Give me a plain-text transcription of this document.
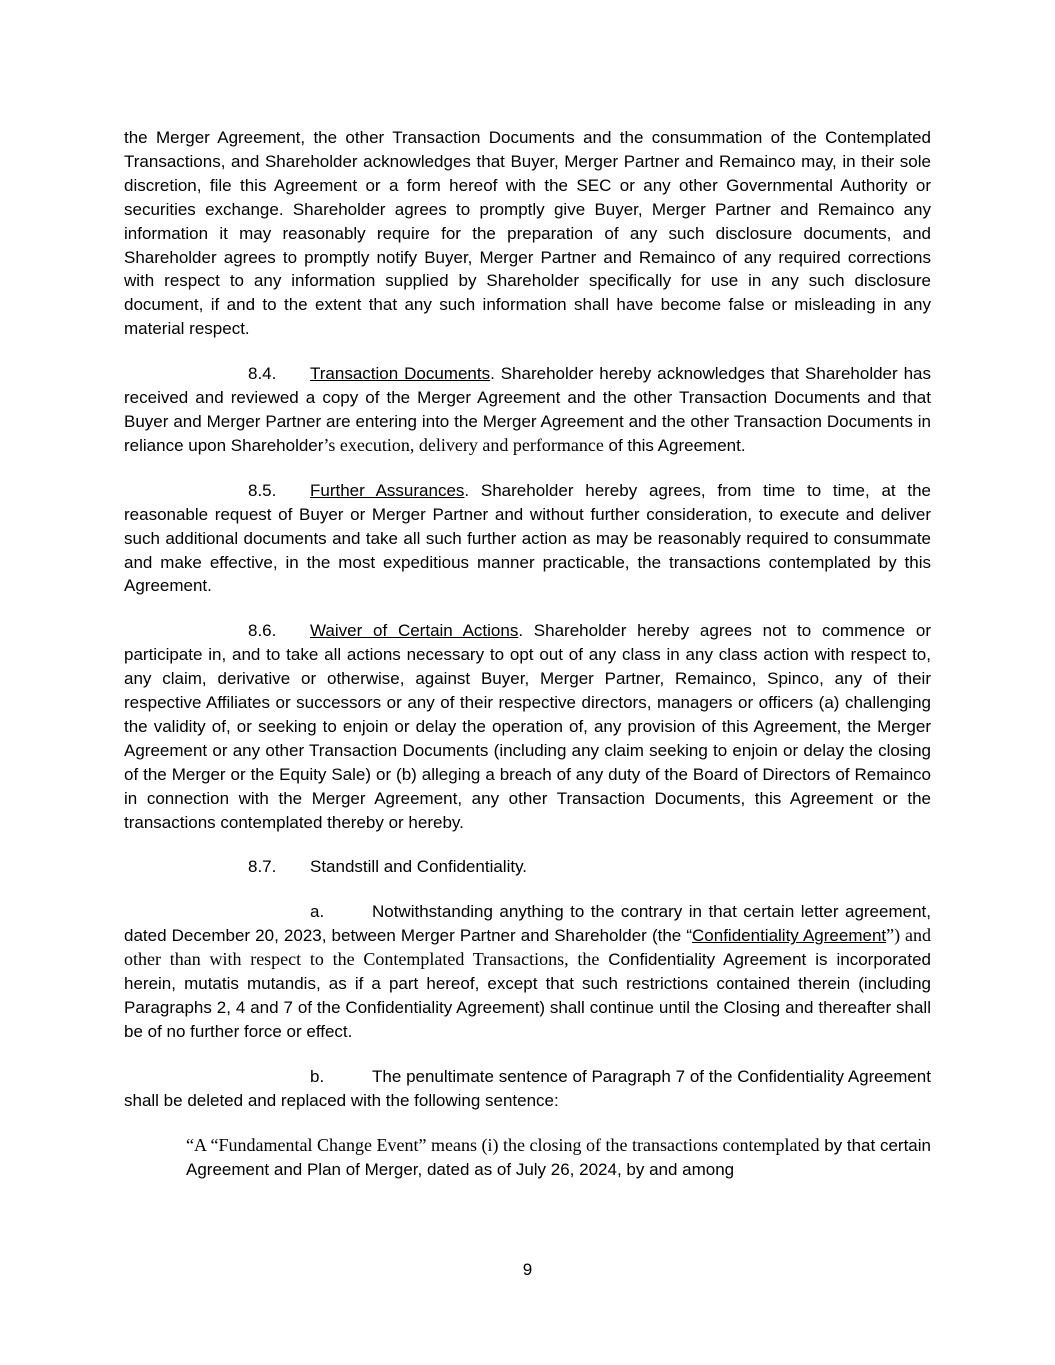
the Merger Agreement, the other Transaction Documents and the consummation of the Contemplated Transactions, and Shareholder acknowledges that Buyer, Merger Partner and Remainco may, in their sole discretion, file this Agreement or a form hereof with the SEC or any other Governmental Authority or securities exchange. Shareholder agrees to promptly give Buyer, Merger Partner and Remainco any information it may reasonably require for the preparation of any such disclosure documents, and Shareholder agrees to promptly notify Buyer, Merger Partner and Remainco of any required corrections with respect to any information supplied by Shareholder specifically for use in any such disclosure document, if and to the extent that any such information shall have become false or misleading in any material respect.

8.4. Transaction Documents. Shareholder hereby acknowledges that Shareholder has received and reviewed a copy of the Merger Agreement and the other Transaction Documents and that Buyer and Merger Partner are entering into the Merger Agreement and the other Transaction Documents in reliance upon Shareholder’s execution, delivery and performance of this Agreement.

8.5. Further Assurances. Shareholder hereby agrees, from time to time, at the reasonable request of Buyer or Merger Partner and without further consideration, to execute and deliver such additional documents and take all such further action as may be reasonably required to consummate and make effective, in the most expeditious manner practicable, the transactions contemplated by this Agreement.

8.6. Waiver of Certain Actions. Shareholder hereby agrees not to commence or participate in, and to take all actions necessary to opt out of any class in any class action with respect to, any claim, derivative or otherwise, against Buyer, Merger Partner, Remainco, Spinco, any of their respective Affiliates or successors or any of their respective directors, managers or officers (a) challenging the validity of, or seeking to enjoin or delay the operation of, any provision of this Agreement, the Merger Agreement or any other Transaction Documents (including any claim seeking to enjoin or delay the closing of the Merger or the Equity Sale) or (b) alleging a breach of any duty of the Board of Directors of Remainco in connection with the Merger Agreement, any other Transaction Documents, this Agreement or the transactions contemplated thereby or hereby.

8.7. Standstill and Confidentiality.

a.	Notwithstanding anything to the contrary in that certain letter agreement, dated December 20, 2023, between Merger Partner and Shareholder (the “Confidentiality Agreement”) and other than with respect to the Contemplated Transactions, the Confidentiality Agreement is incorporated herein, mutatis mutandis, as if a part hereof, except that such restrictions contained therein (including Paragraphs 2, 4 and 7 of the Confidentiality Agreement) shall continue until the Closing and thereafter shall be of no further force or effect.

b.	The penultimate sentence of Paragraph 7 of the Confidentiality Agreement shall be deleted and replaced with the following sentence:

“A “Fundamental Change Event” means (i) the closing of the transactions contemplated by that certain Agreement and Plan of Merger, dated as of July 26, 2024, by and among
9
